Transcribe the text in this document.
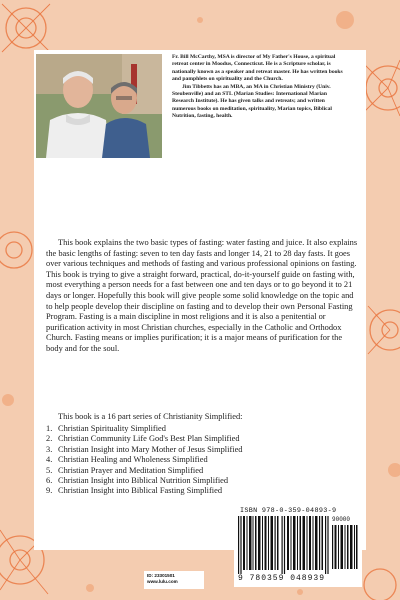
Fr. Bill McCarthy, MSA is director of My Father's House, a spiritual retreat center in Moodus, Connecticut. He is a Scripture scholar, is nationally known as a speaker and retreat master. He has written books and pamphlets on spirituality and the Church.

Jim Tibbetts has an MBA, an MA in Christian Ministry (Univ. Steubenville) and an STL (Marian Studies: International Marian Research Institute). He has given talks and retreats; and written numerous books on meditation, spirituality, Marian topics, Biblical Nutrition, fasting, health.

This book explains the two basic types of fasting: water fasting and juice. It also explains the basic lengths of fasting: seven to ten day fasts and longer 14, 21 to 28 day fasts. It goes over various techniques and methods of fasting and various professional opinions on fasting. This book is trying to give a straight forward, practical, do-it-yourself guide on fasting with, most everything a person needs for a fast between one and ten days or to go beyond it to 21 days or longer. Hopefully this book will give people some solid knowledge on the topic and to help people develop their discipline on fasting and to develop their own Personal Fasting Program. Fasting is a main discipline in most religions and it is also a penitential or purification activity in most Christian churches, especially in the Catholic and Orthodox Church. Fasting means or implies purification; it is a major means of purification for the body and for the soul.

This book is a 16 part series of Christianity Simplified:

1. Christian Spirituality Simplified
2. Christian Community Life God's Best Plan Simplified
3. Christian Insight into Mary Mother of Jesus Simplified
4. Christian Healing and Wholeness Simplified
5. Christian Prayer and Meditation Simplified
6. Christian Insight into Biblical Nutrition Simplified
9. Christian Insight into Biblical Fasting Simplified
ISBN 978-0-359-04893-9
90000
9 780359 048939
ID: 23301501
www.lulu.com
